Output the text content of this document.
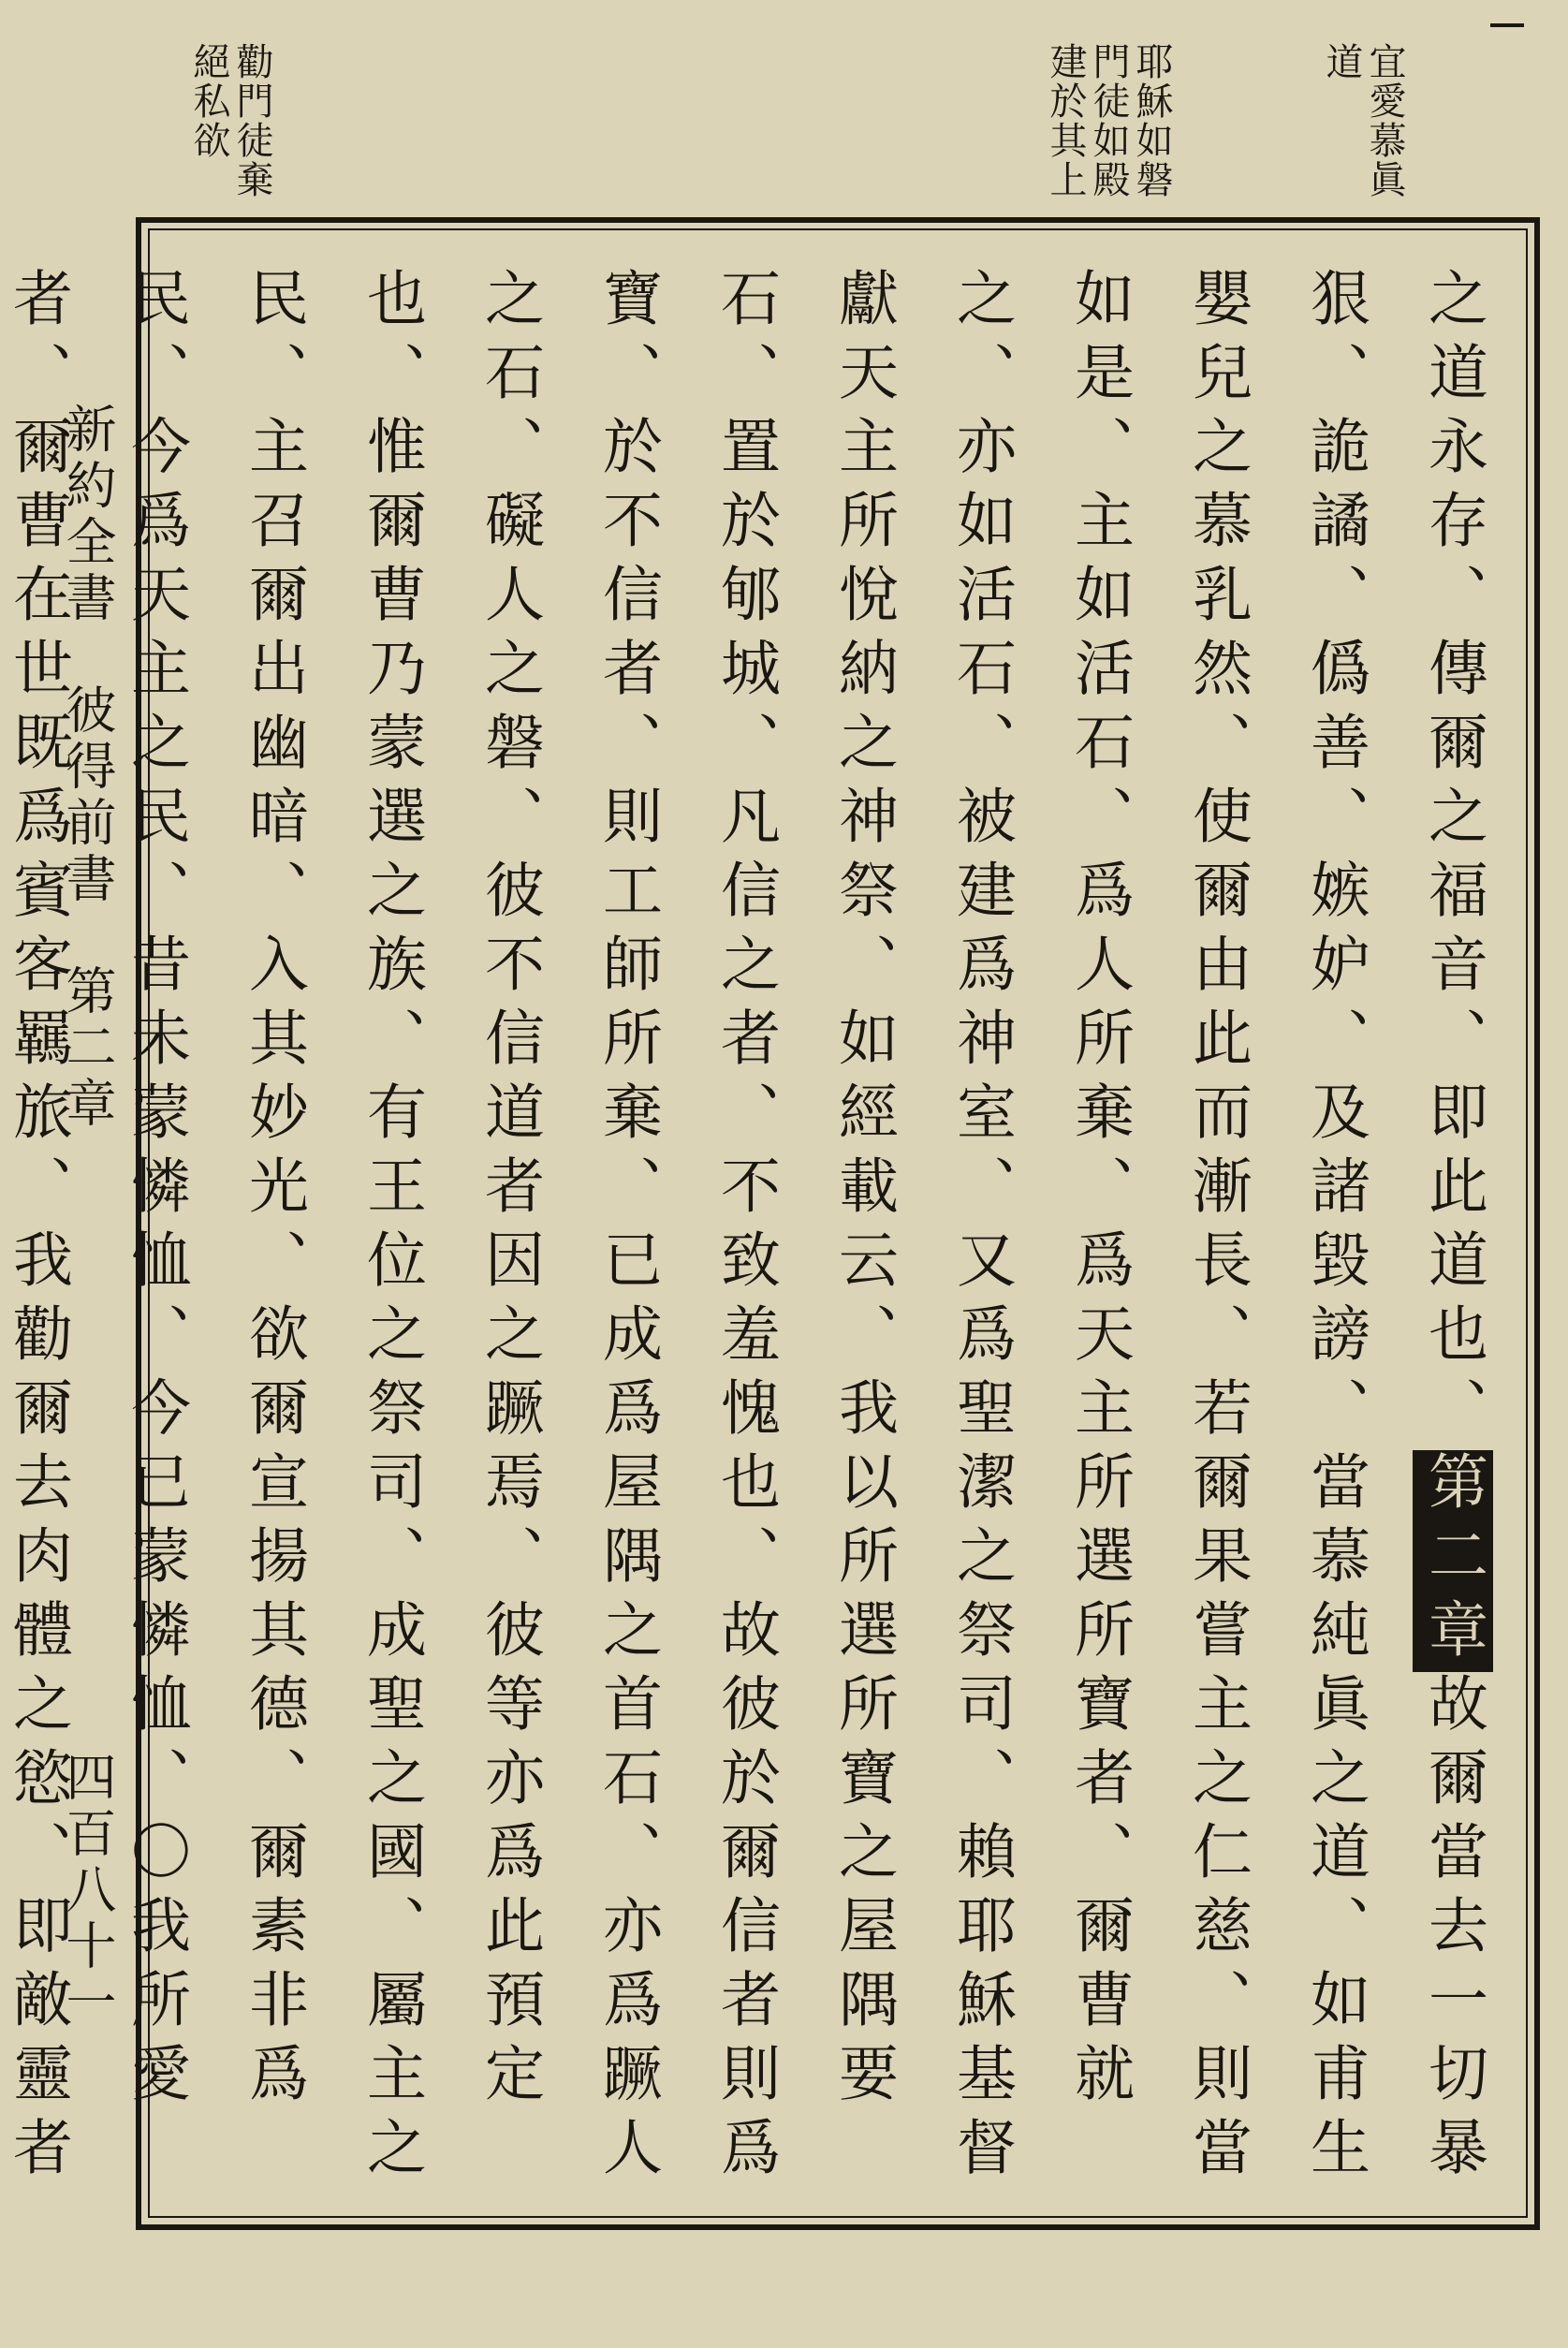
宜愛慕眞道
耶穌如磐門徒如殿建於其上
勸門徒棄絕私欲
之道永存、傳爾之福音、即此道也、第二章故爾當去一切暴狠、詭譎、僞善、嫉妒、及諸毀謗、當慕純眞之道、如甫生嬰兒之慕乳然、使爾由此而漸長、若爾果嘗主之仁慈、則當如是、主如活石、爲人所棄、爲天主所選所寶者、爾曹就之、亦如活石、被建爲神室、又爲聖潔之祭司、賴耶穌基督獻天主所悅納之神祭、如經載云、我以所選所寶之屋隅要石、置於郇城、凡信之者、不致羞愧也、故彼於爾信者則爲寶、於不信者、則工師所棄、已成爲屋隅之首石、亦爲蹶人之石、礙人之磐、彼不信道者因之蹶焉、彼等亦爲此預定也、惟爾曹乃蒙選之族、有王位之祭司、成聖之國、屬主之民、主召爾出幽暗、入其妙光、欲爾宣揚其德、爾素非爲民、今爲天主之民、昔未蒙憐恤、今已蒙憐恤、〇我所愛者、爾曹在世既爲賓客羈旅、我勸爾去肉體之慾、即敵靈者
新約全書　彼得前書　第二章
四百八十一
